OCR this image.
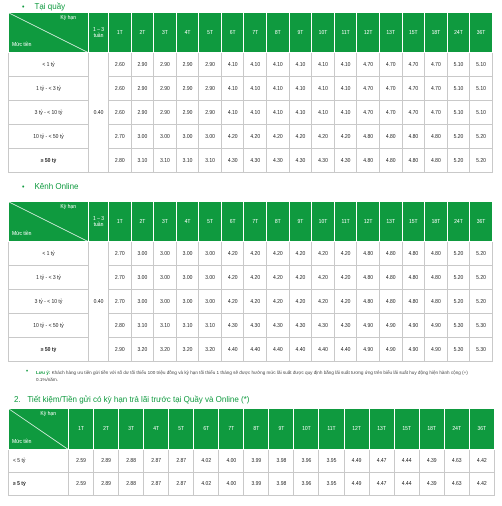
• Tại quầy
Kỳ hạn
Mức tiền	1 – 3 tuần	1T	2T	3T	4T	5T	6T	7T	8T	9T	10T	11T	12T	13T	15T	18T	24T	36T
< 1 tỷ	0.40	2.60	2.90	2.90	2.90	2.90	4.10	4.10	4.10	4.10	4.10	4.10	4.70	4.70	4.70	4.70	5.10	5.10
1 tỷ - < 3 tỷ		2.60	2.90	2.90	2.90	2.90	4.10	4.10	4.10	4.10	4.10	4.10	4.70	4.70	4.70	4.70	5.10	5.10
3 tỷ - < 10 tỷ		2.60	2.90	2.90	2.90	2.90	4.10	4.10	4.10	4.10	4.10	4.10	4.70	4.70	4.70	4.70	5.10	5.10
10 tỷ - < 50 tỷ		2.70	3.00	3.00	3.00	3.00	4.20	4.20	4.20	4.20	4.20	4.20	4.80	4.80	4.80	4.80	5.20	5.20
≥ 50 tỷ		2.80	3.10	3.10	3.10	3.10	4.30	4.30	4.30	4.30	4.30	4.30	4.80	4.80	4.80	4.80	5.20	5.20
• Kênh Online
Kỳ hạn
Mức tiền	1 – 3 tuần	1T	2T	3T	4T	5T	6T	7T	8T	9T	10T	11T	12T	13T	15T	18T	24T	36T
< 1 tỷ	0.40	2.70	3.00	3.00	3.00	3.00	4.20	4.20	4.20	4.20	4.20	4.20	4.80	4.80	4.80	4.80	5.20	5.20
1 tỷ - < 3 tỷ		2.70	3.00	3.00	3.00	3.00	4.20	4.20	4.20	4.20	4.20	4.20	4.80	4.80	4.80	4.80	5.20	5.20
3 tỷ - < 10 tỷ		2.70	3.00	3.00	3.00	3.00	4.20	4.20	4.20	4.20	4.20	4.20	4.80	4.80	4.80	4.80	5.20	5.20
10 tỷ - < 50 tỷ		2.80	3.10	3.10	3.10	3.10	4.30	4.30	4.30	4.30	4.30	4.30	4.90	4.90	4.90	4.90	5.30	5.30
≥ 50 tỷ		2.90	3.20	3.20	3.20	3.20	4.40	4.40	4.40	4.40	4.40	4.40	4.90	4.90	4.90	4.90	5.30	5.30
• Lưu ý: Khách hàng ưu tiên gửi tiền với số dư tối thiểu 100 triệu đồng và kỳ hạn tối thiểu 1 tháng sẽ được hưởng mức lãi suất được quy định bằng lãi suất tương ứng trên biểu lãi suất huy động hiện hành cộng (+) 0.1%/năm.
2. Tiết kiệm/Tiền gửi có kỳ hạn trả lãi trước tại Quầy và Online (*)
Kỳ hạn
Mức tiền	1T	2T	3T	4T	5T	6T	7T	8T	9T	10T	11T	12T	13T	15T	18T	24T	36T
< 5 tỷ	2.59	2.89	2.88	2.87	2.87	4.02	4.00	3.99	3.98	3.96	3.95	4.49	4.47	4.44	4.39	4.63	4.42
≥ 5 tỷ	2.59	2.89	2.88	2.87	2.87	4.02	4.00	3.99	3.98	3.96	3.95	4.49	4.47	4.44	4.39	4.63	4.42
